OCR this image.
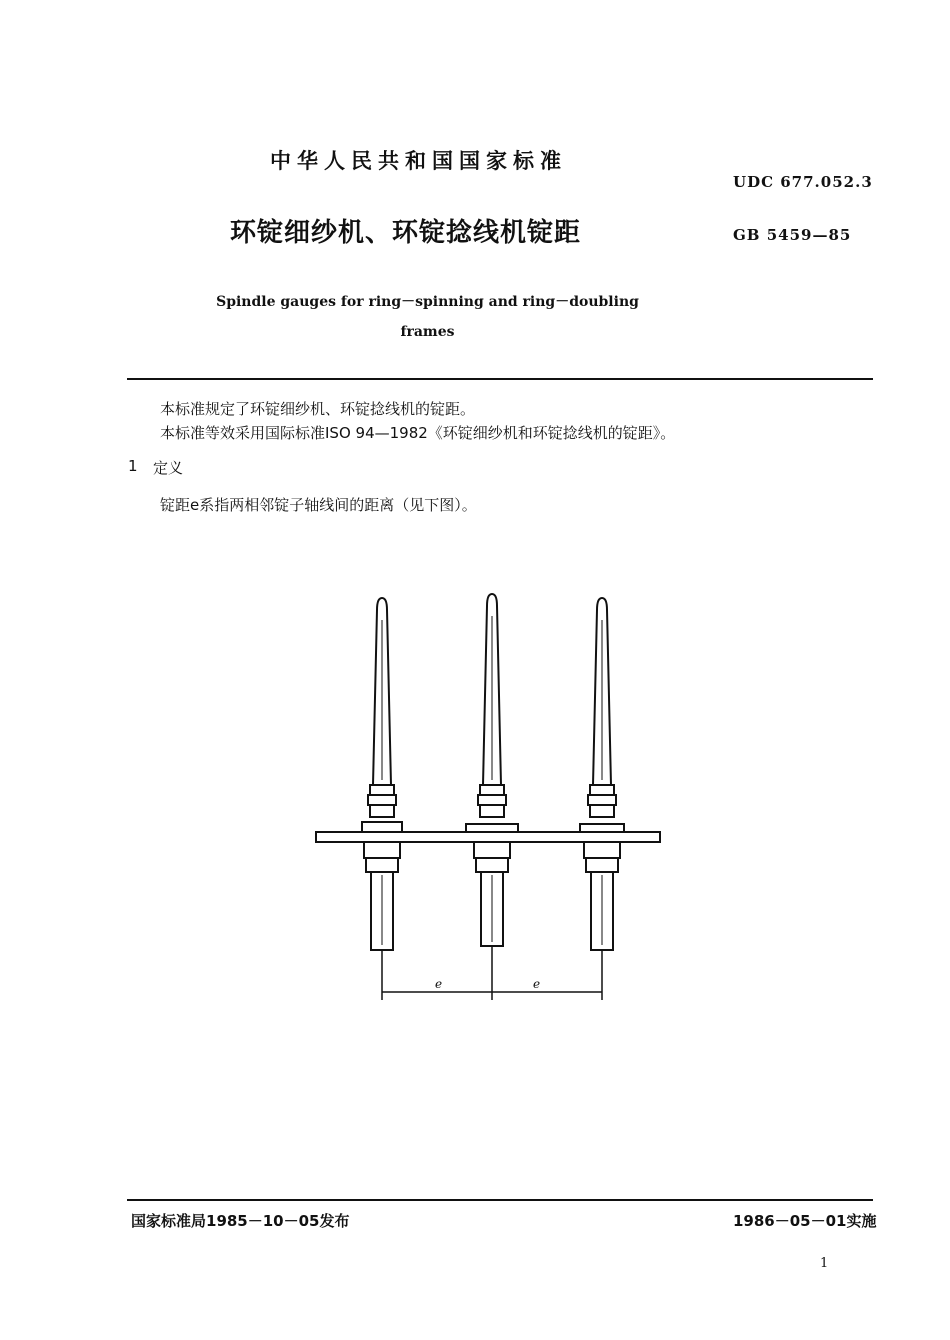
中华人民共和国国家标准
UDC 677.052.3
环锭细纱机、环锭捻线机锭距	GB 5459—85
Spindle gauges for ring－spinning and ring－doubling frames
本标准规定了环锭细纱机、环锭捻线机的锭距。
本标准等效采用国际标准ISO 94—1982《环锭细纱机和环锭捻线机的锭距》。
1 定义
锭距e系指两相邻锭子轴线间的距离（见下图）。
e	e
国家标准局1985－10－05发布	1986－05－01实施
1
